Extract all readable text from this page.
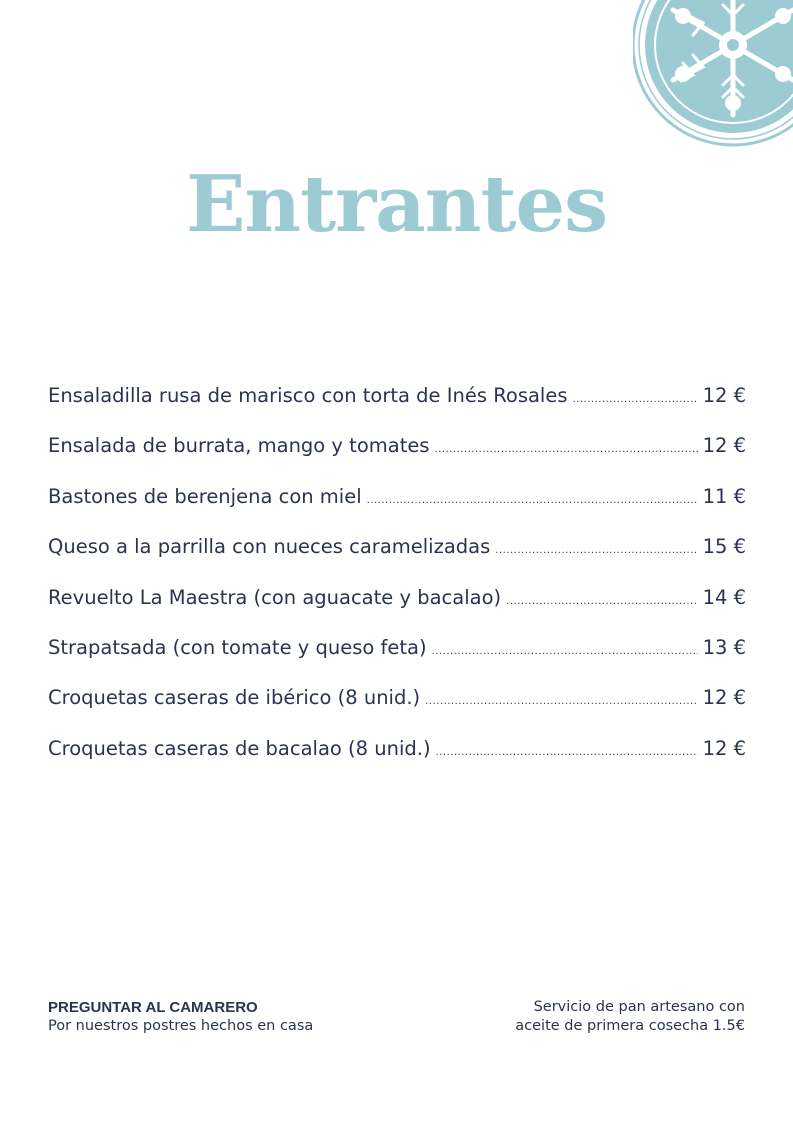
Entrantes
Ensaladilla rusa de marisco con torta de Inés Rosales .....	12 €
Ensalada de burrata, mango y tomates .....	12 €
Bastones de berenjena con miel .....	11 €
Queso a la parrilla con nueces caramelizadas .....	15 €
Revuelto La Maestra (con aguacate y bacalao) .....	14 €
Strapatsada (con tomate y queso feta) .....	13 €
Croquetas caseras de ibérico (8 unid.) .....	12 €
Croquetas caseras de bacalao (8 unid.) .....	12 €
PREGUNTAR AL CAMARERO
Por nuestros postres hechos en casa
Servicio de pan artesano con
aceite de primera cosecha 1.5€
